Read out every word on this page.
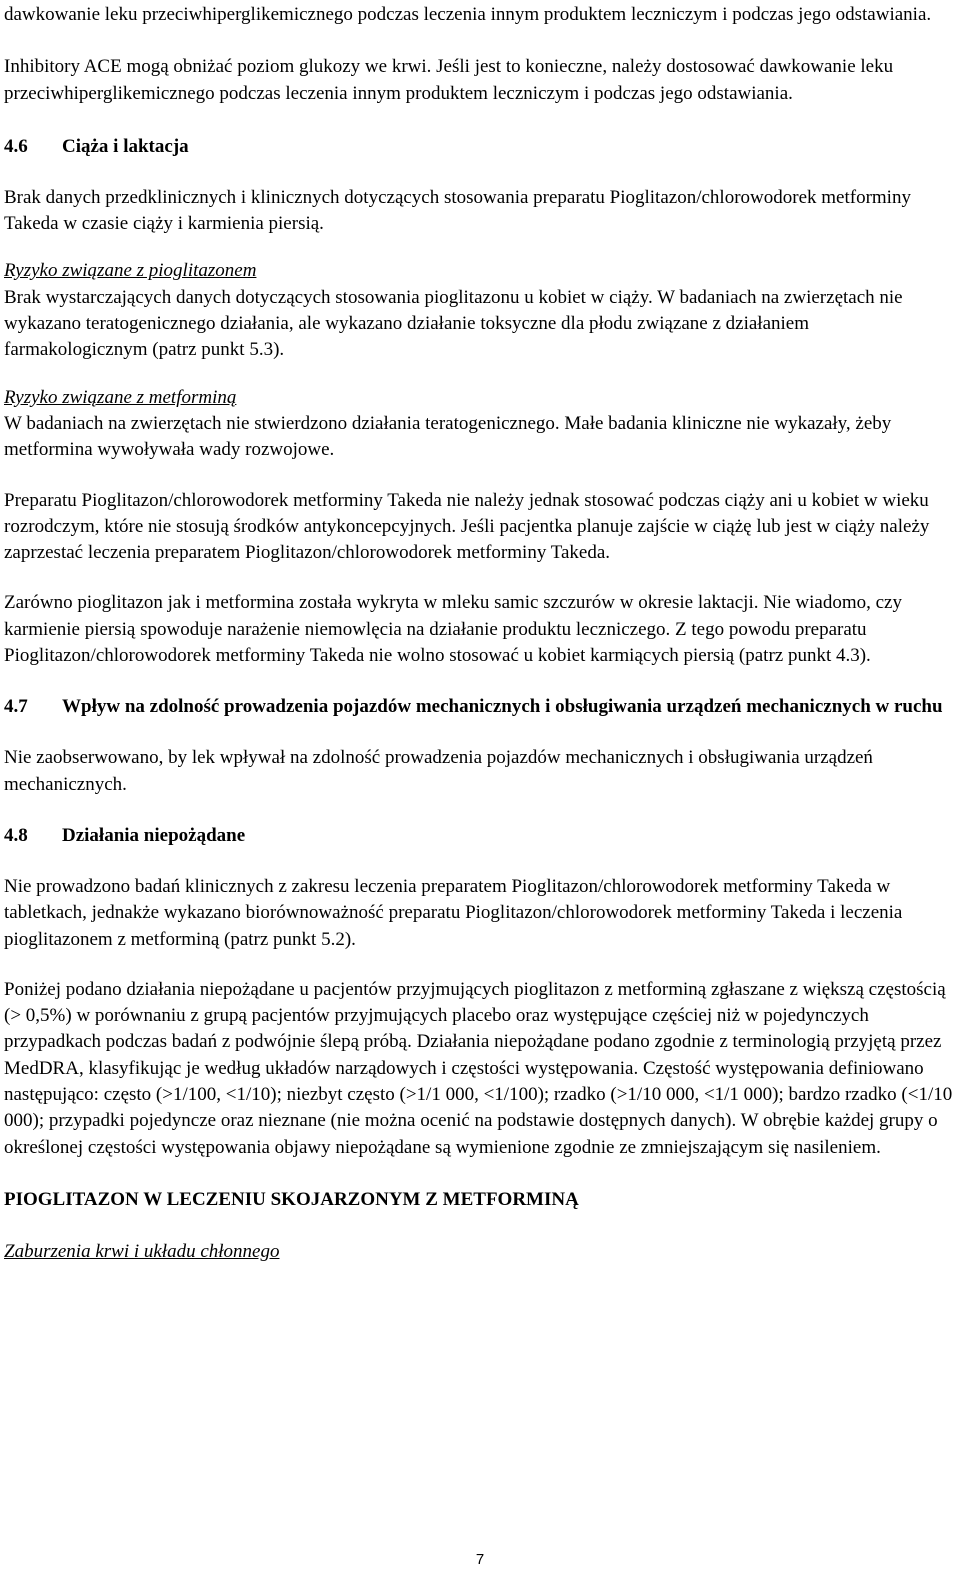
dawkowanie leku przeciwhiperglikemicznego podczas leczenia innym produktem leczniczym i podczas jego odstawiania.

Inhibitory ACE mogą obniżać poziom glukozy we krwi. Jeśli jest to konieczne, należy dostosować dawkowanie leku przeciwhiperglikemicznego podczas leczenia innym produktem leczniczym i podczas jego odstawiania.

4.6	Ciąża i laktacja

Brak danych przedklinicznych i klinicznych dotyczących stosowania preparatu Pioglitazon/chlorowodorek metforminy Takeda w czasie ciąży i karmienia piersią.

Ryzyko związane z pioglitazonem

Brak wystarczających danych dotyczących stosowania pioglitazonu u kobiet w ciąży. W badaniach na zwierzętach nie wykazano teratogenicznego działania, ale wykazano działanie toksyczne dla płodu związane z działaniem farmakologicznym (patrz punkt 5.3).

Ryzyko związane z metforminą

W badaniach na zwierzętach nie stwierdzono działania teratogenicznego. Małe badania kliniczne nie wykazały, żeby metformina wywoływała wady rozwojowe.

Preparatu Pioglitazon/chlorowodorek metforminy Takeda nie należy jednak stosować podczas ciąży ani u kobiet w wieku rozrodczym, które nie stosują środków antykoncepcyjnych. Jeśli pacjentka planuje zajście w ciążę lub jest w ciąży należy zaprzestać leczenia preparatem Pioglitazon/chlorowodorek metforminy Takeda.

Zarówno pioglitazon jak i metformina została wykryta w mleku samic szczurów w okresie laktacji. Nie wiadomo, czy karmienie piersią spowoduje narażenie niemowlęcia na działanie produktu leczniczego. Z tego powodu preparatu Pioglitazon/chlorowodorek metforminy Takeda nie wolno stosować u kobiet karmiących piersią (patrz punkt 4.3).

4.7	Wpływ na zdolność prowadzenia pojazdów mechanicznych i obsługiwania urządzeń mechanicznych w ruchu

Nie zaobserwowano, by lek wpływał na zdolność prowadzenia pojazdów mechanicznych i obsługiwania urządzeń mechanicznych.

4.8	Działania niepożądane

Nie prowadzono badań klinicznych z zakresu leczenia preparatem Pioglitazon/chlorowodorek metforminy Takeda w tabletkach, jednakże wykazano biorównoważność preparatu Pioglitazon/chlorowodorek metforminy Takeda i leczenia pioglitazonem z metforminą (patrz punkt 5.2).

Poniżej podano działania niepożądane u pacjentów przyjmujących pioglitazon z metforminą zgłaszane z większą częstością (> 0,5%) w porównaniu z grupą pacjentów przyjmujących placebo oraz występujące częściej niż w pojedynczych przypadkach podczas badań z podwójnie ślepą próbą. Działania niepożądane podano zgodnie z terminologią przyjętą przez MedDRA, klasyfikując je według układów narządowych i częstości występowania. Częstość występowania definiowano następująco: często (>1/100, <1/10); niezbyt często (>1/1 000, <1/100); rzadko (>1/10 000, <1/1 000); bardzo rzadko (<1/10 000); przypadki pojedyncze oraz nieznane (nie można ocenić na podstawie dostępnych danych). W obrębie każdej grupy o określonej częstości występowania objawy niepożądane są wymienione zgodnie ze zmniejszającym się nasileniem.

PIOGLITAZON W LECZENIU SKOJARZONYM Z METFORMINĄ

Zaburzenia krwi i układu chłonnego

7
